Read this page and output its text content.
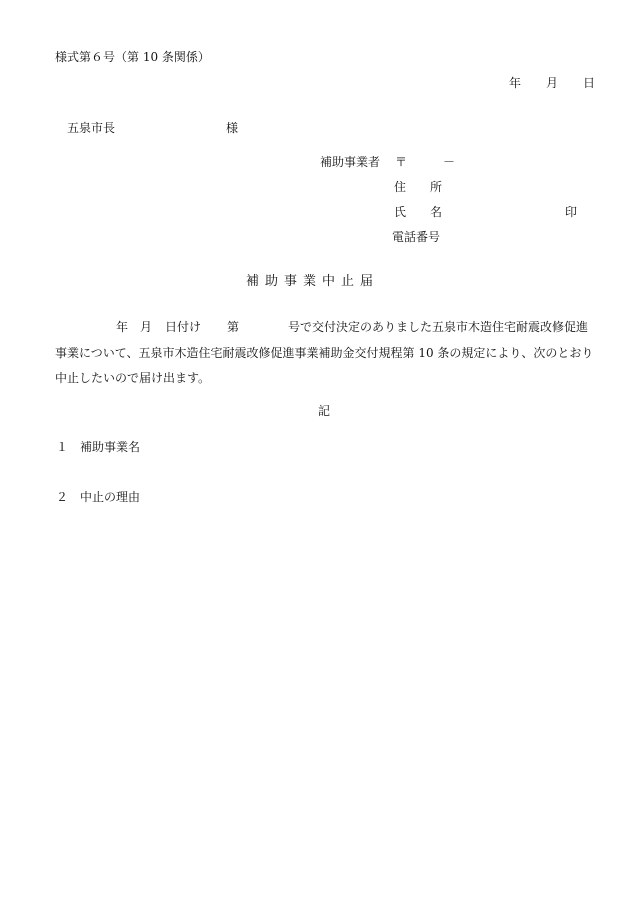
様式第６号（第 10 条関係）
年 月 日
五泉市長	様
補助事業者 〒	－
住 所
氏 名	印
電話番号
補 助 事 業 中 止 届
年 月 日付け 第	号で交付決定のありました五泉市木造住宅耐震改修促進
事業について、五泉市木造住宅耐震改修促進事業補助金交付規程第 10 条の規定により、次のとおり
中止したいので届け出ます。
記
１ 補助事業名
２ 中止の理由
